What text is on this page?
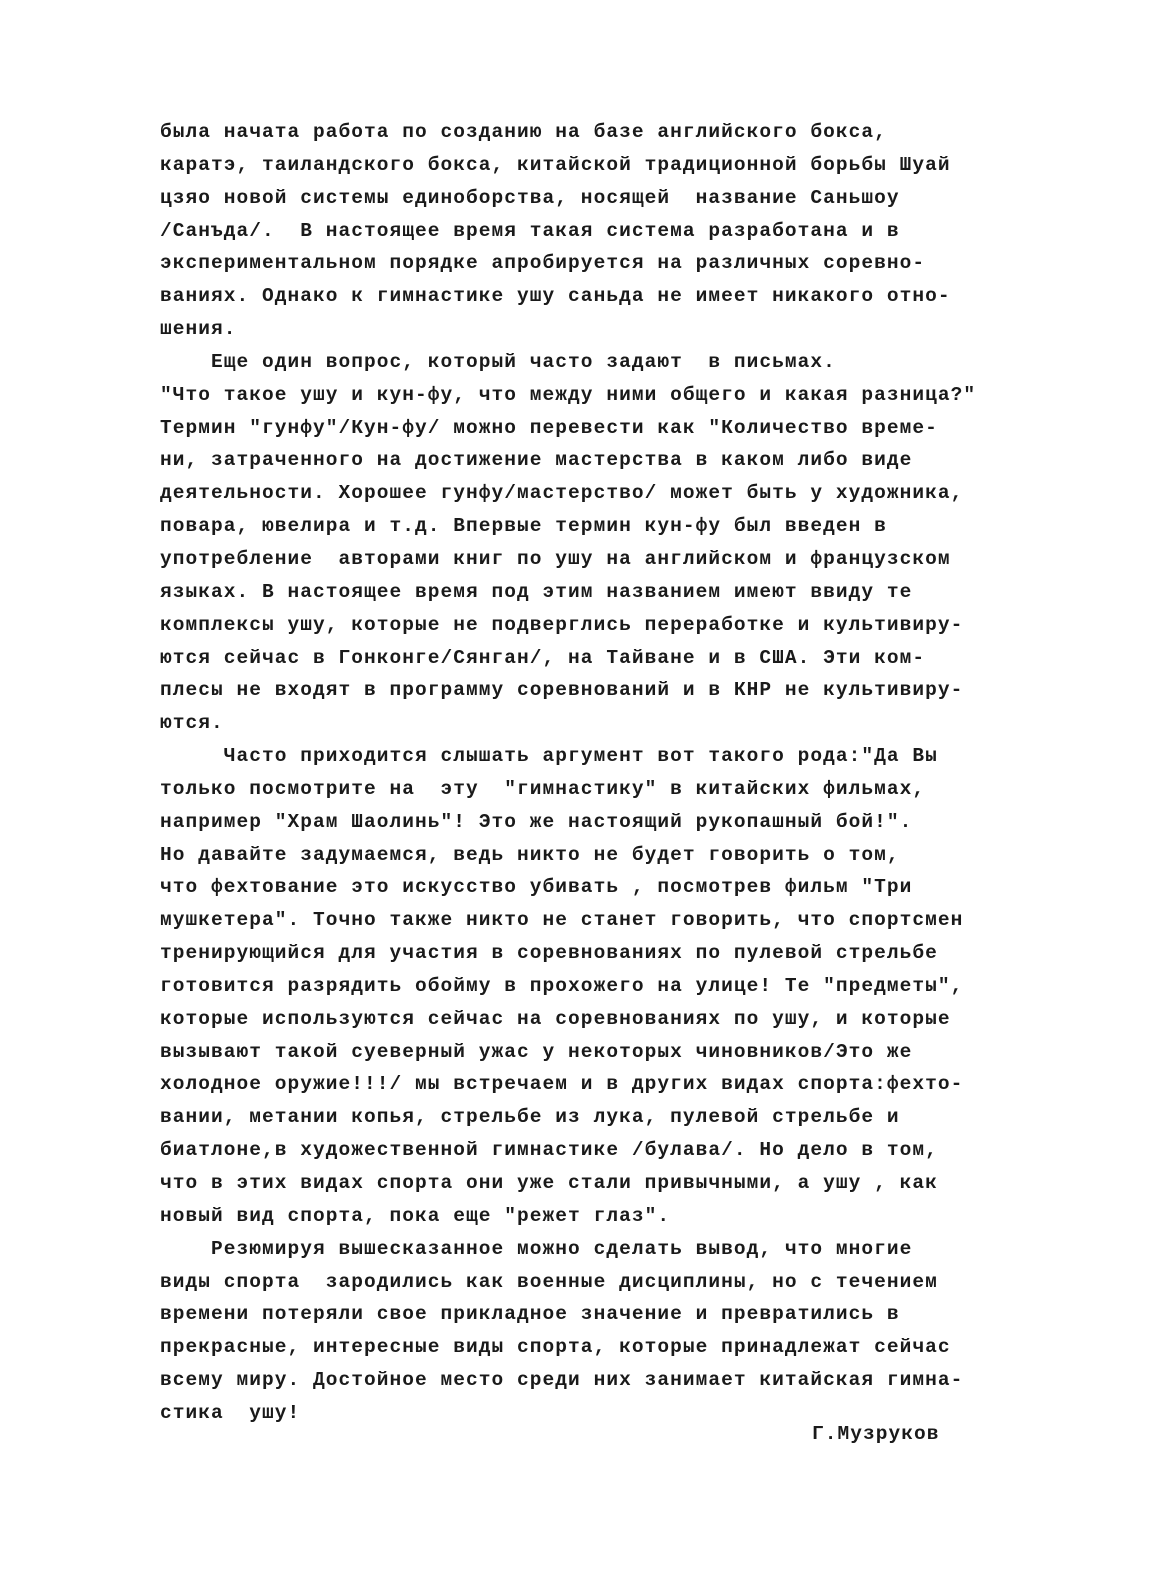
была начата работа по созданию на базе английского бокса,
каратэ, таиландского бокса, китайской традиционной борьбы Шуай
цзяо новой системы единоборства, носящей  название Саньшоу
/Санъда/.  В настоящее время такая система разработана и в
экспериментальном порядке апробируется на различных соревно-
ваниях. Однако к гимнастике ушу саньда не имеет никакого отно-
шения.
Еще один вопрос, который часто задают  в письмах.
"Что такое ушу и кун-фу, что между ними общего и какая разница?"
Термин "гунфу"/Кун-фу/ можно перевести как "Количество време-
ни, затраченного на достижение мастерства в каком либо виде
деятельности. Хорошее гунфу/мастерство/ может быть у художника,
повара, ювелира и т.д. Впервые термин кун-фу был введен в
употребление  авторами книг по ушу на английском и французском
языках. В настоящее время под этим названием имеют ввиду те
комплексы ушу, которые не подверглись переработке и культивиру-
ются сейчас в Гонконге/Сянган/, на Тайване и в США. Эти ком-
плесы не входят в программу соревнований и в КНР не культивиру-
ются.
Часто приходится слышать аргумент вот такого рода:"Да Вы
только посмотрите на  эту  "гимнастику" в китайских фильмах,
например "Храм Шаолинь"! Это же настоящий рукопашный бой!".
Но давайте задумаемся, ведь никто не будет говорить о том,
что фехтование это искусство убивать , посмотрев фильм "Три
мушкетера". Точно также никто не станет говорить, что спортсмен
тренирующийся для участия в соревнованиях по пулевой стрельбе
готовится разрядить обойму в прохожего на улице! Те "предметы",
которые используются сейчас на соревнованиях по ушу, и которые
вызывают такой суеверный ужас у некоторых чиновников/Это же
холодное оружие!!!/ мы встречаем и в других видах спорта:фехто-
вании, метании копья, стрельбе из лука, пулевой стрельбе и
биатлоне,в художественной гимнастике /булава/. Но дело в том,
что в этих видах спорта они уже стали привычными, а ушу , как
новый вид спорта, пока еще "режет глаз".
Резюмируя вышесказанное можно сделать вывод, что многие
виды спорта  зародились как военные дисциплины, но с течением
времени потеряли свое прикладное значение и превратились в
прекрасные, интересные виды спорта, которые принадлежат сейчас
всему миру. Достойное место среди них занимает китайская гимна-
стика  ушу!
Г.Музруков
